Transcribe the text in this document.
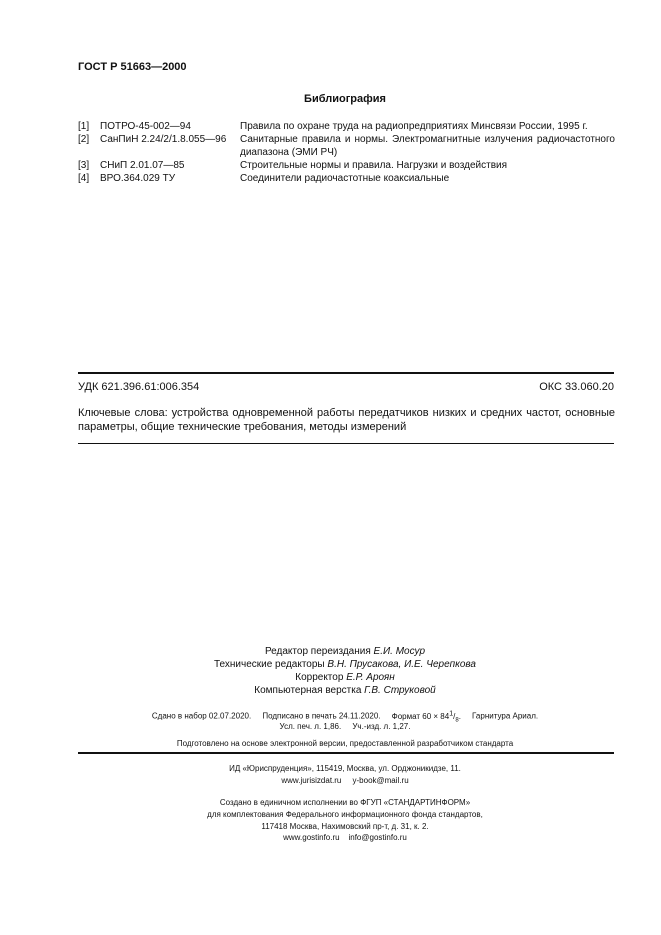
ГОСТ Р 51663—2000
Библиография
[1]	ПОТРО-45-002—94	Правила по охране труда на радиопредприятиях Минсвязи России, 1995 г.
[2]	СанПиН 2.24/2/1.8.055—96	Санитарные правила и нормы. Электромагнитные излучения радиочастотного диапазона (ЭМИ РЧ)
[3]	СНиП 2.01.07—85	Строительные нормы и правила. Нагрузки и воздействия
[4]	ВРО.364.029 ТУ	Соединители радиочастотные коаксиальные
УДК 621.396.61:006.354	ОКС 33.060.20
Ключевые слова: устройства одновременной работы передатчиков низких и средних частот, основные параметры, общие технические требования, методы измерений
Редактор переиздания Е.И. Мосур
Технические редакторы В.Н. Прусакова, И.Е. Черепкова
Корректор Е.Р. Ароян
Компьютерная верстка Г.В. Струковой
Сдано в набор 02.07.2020. Подписано в печать 24.11.2020. Формат $60 \times 84^1/_8$. Гарнитура Ариал.
Усл. печ. л. 1,86. Уч.-изд. л. 1,27.
Подготовлено на основе электронной версии, предоставленной разработчиком стандарта
ИД «Юриспруденция», 115419, Москва, ул. Орджоникидзе, 11.
www.jurisizdat.ru y-book@mail.ru
Создано в единичном исполнении во ФГУП «СТАНДАРТИНФОРМ»
для комплектования Федерального информационного фонда стандартов,
117418 Москва, Нахимовский пр-т, д. 31, к. 2.
www.gostinfo.ru info@gostinfo.ru
